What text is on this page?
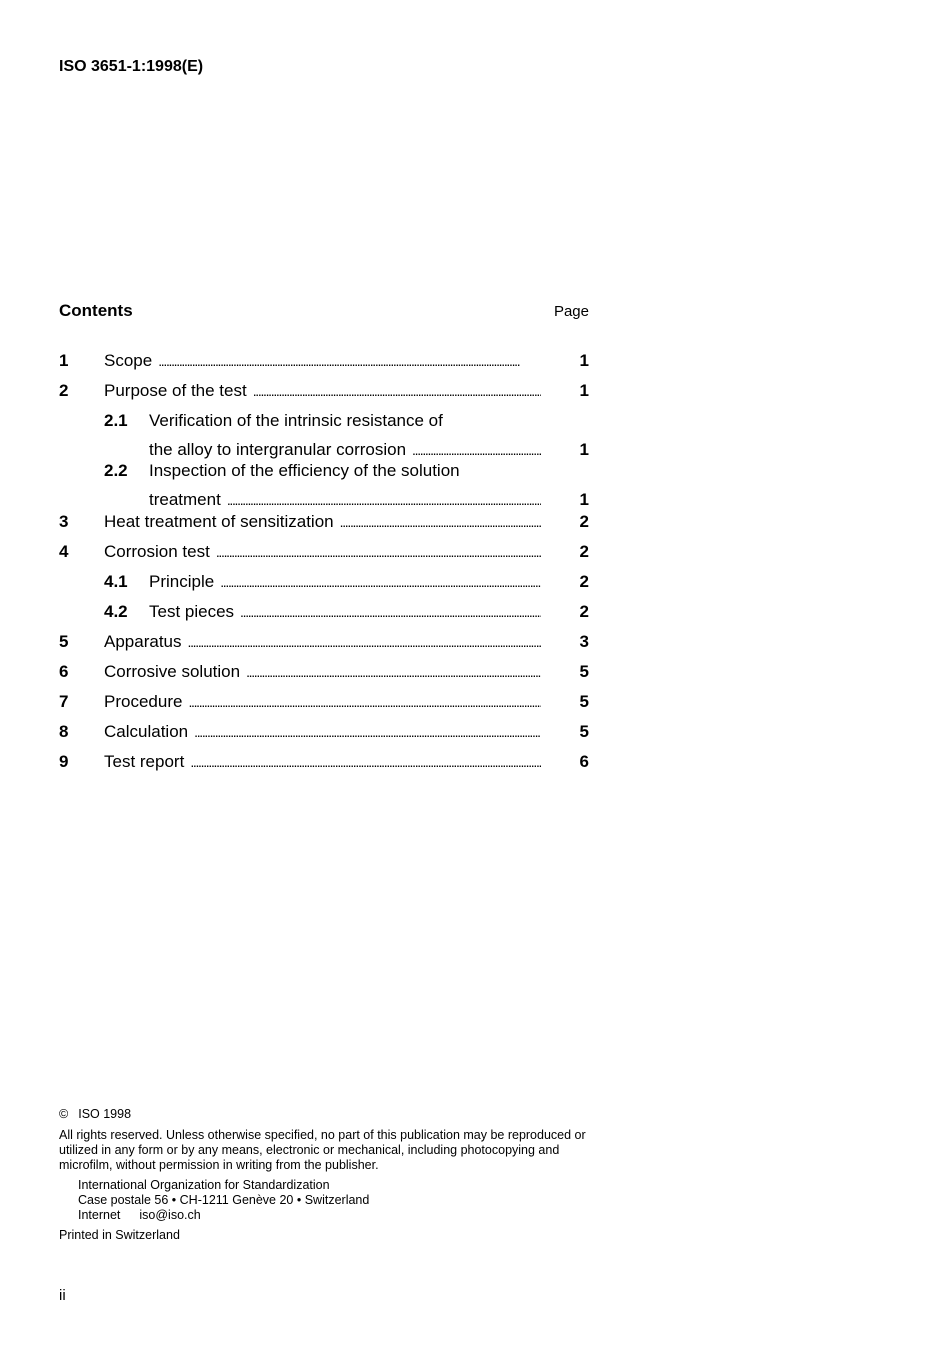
ISO 3651-1:1998(E)
Contents	Page
1 Scope . . .	1
2 Purpose of the test . . .	1
2.1 Verification of the intrinsic resistance of
the alloy to intergranular corrosion . . .	1
2.2 Inspection of the efficiency of the solution
treatment . . .	1
3 Heat treatment of sensitization . . .	2
4 Corrosion test . . .	2
4.1 Principle . . .	2
4.2 Test pieces . . .	2
5 Apparatus . . .	3
6 Corrosive solution . . .	5
7 Procedure . . .	5
8 Calculation . . .	5
9 Test report . . .	6

© ISO 1998

All rights reserved. Unless otherwise specified, no part of this publication may be reproduced or utilized in any form or by any means, electronic or mechanical, including photocopying and microfilm, without permission in writing from the publisher.

International Organization for Standardization
Case postale 56 • CH-1211 Genève 20 • Switzerland
Internet iso@iso.ch

Printed in Switzerland

ii
